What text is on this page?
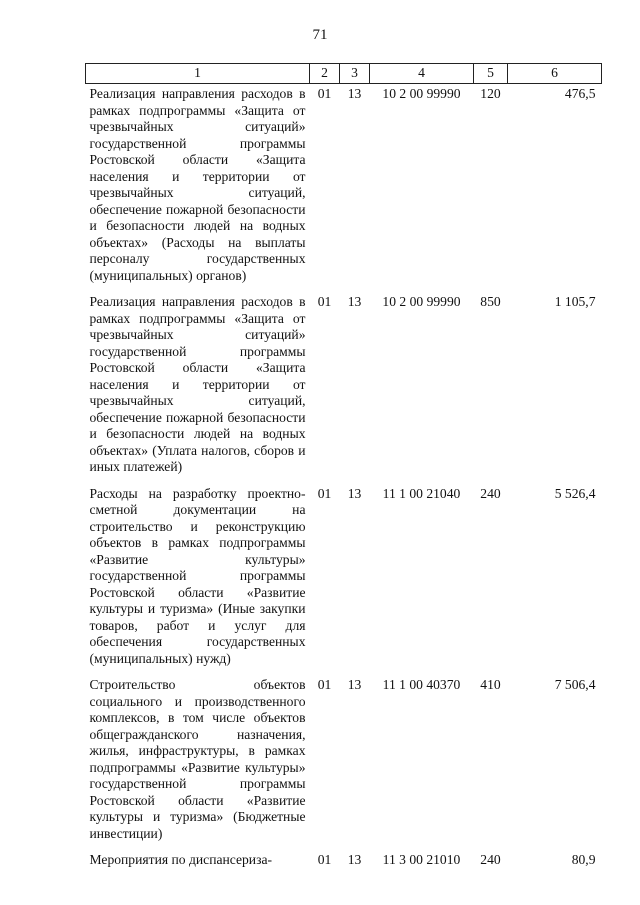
71
1	2	3	4	5	6
Реализация направления расходов в рамках подпрограммы «Защита от чрезвычайных ситуаций» государственной программы Ростовской области «Защита населения и территории от чрезвычайных ситуаций, обеспечение пожарной безопасности и безопасности людей на водных объектах» (Расходы на выплаты персоналу государственных (муниципальных) органов)	01	13	10 2 00 99990	120	476,5
Реализация направления расходов в рамках подпрограммы «Защита от чрезвычайных ситуаций» государственной программы Ростовской области «Защита населения и территории от чрезвычайных ситуаций, обеспечение пожарной безопасности и безопасности людей на водных объектах» (Уплата налогов, сборов и иных платежей)	01	13	10 2 00 99990	850	1 105,7
Расходы на разработку проектно-сметной документации на строительство и реконструкцию объектов в рамках подпрограммы «Развитие культуры» государственной программы Ростовской области «Развитие культуры и туризма» (Иные закупки товаров, работ и услуг для обеспечения государственных (муниципальных) нужд)	01	13	11 1 00 21040	240	5 526,4
Строительство объектов социального и производственного комплексов, в том числе объектов общегражданского назначения, жилья, инфраструктуры, в рамках подпрограммы «Развитие культуры» государственной программы Ростовской области «Развитие культуры и туризма» (Бюджетные инвестиции)	01	13	11 1 00 40370	410	7 506,4
Мероприятия по диспансериза-	01	13	11 3 00 21010	240	80,9
